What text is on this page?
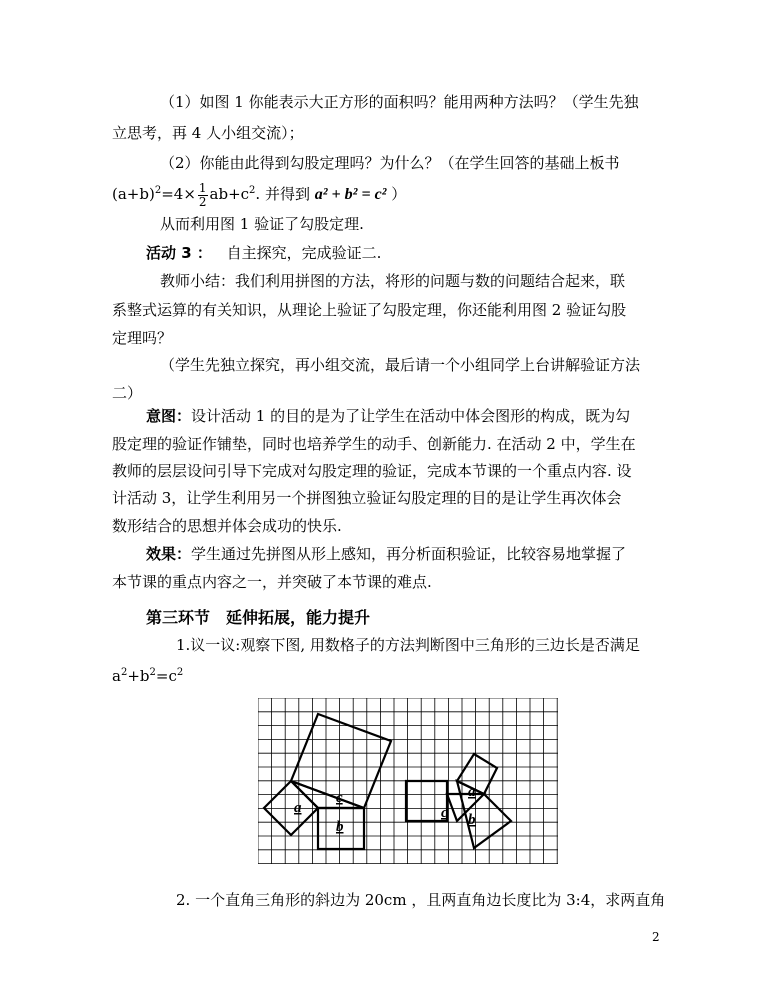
（1）如图 1 你能表示大正方形的面积吗？能用两种方法吗？（学生先独
立思考，再 4 人小组交流）；
（2）你能由此得到勾股定理吗？为什么？（在学生回答的基础上板书
$(a+b)^2=4\times \frac{1}{2} ab+c^2$. 并得到 a² + b² = c² ）
从而利用图 1 验证了勾股定理.
活动 3 ： 自主探究，完成验证二.
教师小结：我们利用拼图的方法，将形的问题与数的问题结合起来，联
系整式运算的有关知识，从理论上验证了勾股定理，你还能利用图 2 验证勾股
定理吗？
（学生先独立探究，再小组交流，最后请一个小组同学上台讲解验证方法
二）
意图：设计活动 1 的目的是为了让学生在活动中体会图形的构成，既为勾
股定理的验证作铺垫，同时也培养学生的动手、创新能力. 在活动 2 中，学生在
教师的层层设问引导下完成对勾股定理的验证，完成本节课的一个重点内容. 设
计活动 3，让学生利用另一个拼图独立验证勾股定理的目的是让学生再次体会
数形结合的思想并体会成功的快乐.
效果：学生通过先拼图从形上感知，再分析面积验证，比较容易地掌握了
本节课的重点内容之一，并突破了本节课的难点.
第三环节　延伸拓展，能力提升
1.议一议:观察下图, 用数格子的方法判断图中三角形的三边长是否满足
$a^2+b^2=c^2$
a
c
b
a
c b
2. 一个直角三角形的斜边为 20cm ，且两直角边长度比为 3:4，求两直角
2
